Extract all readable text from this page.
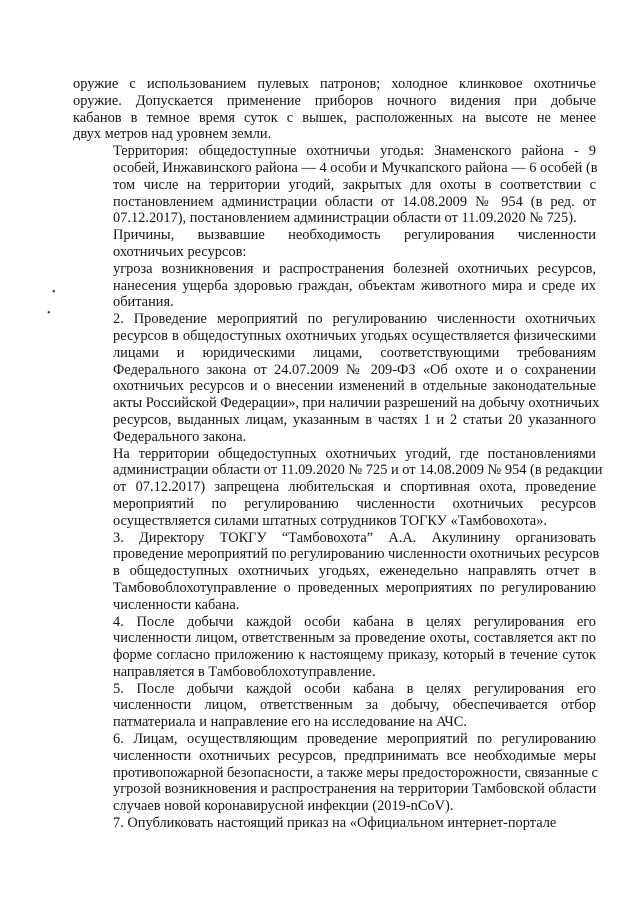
•
•

оружие с использованием пулевых патронов; холодное клинковое охотничье
оружие. Допускается применение приборов ночного видения при добыче
кабанов в темное время суток с вышек, расположенных на высоте не менее
двух метров над уровнем земли.

Территория: общедоступные охотничьи угодья: Знаменского района - 9
особей, Инжавинского района — 4 особи и Мучкапского района — 6 особей (в
том числе на территории угодий, закрытых для охоты в соответствии с
постановлением администрации области от 14.08.2009 № 954 (в ред. от
07.12.2017), постановлением администрации области от 11.09.2020 № 725).

Причины, вызвавшие необходимость регулирования численности
охотничьих ресурсов:

угроза возникновения и распространения болезней охотничьих ресурсов,
нанесения ущерба здоровью граждан, объектам животного мира и среде их
обитания.

2. Проведение мероприятий по регулированию численности охотничьих
ресурсов в общедоступных охотничьих угодьях осуществляется физическими
лицами и юридическими лицами, соответствующими требованиям
Федерального закона от 24.07.2009 № 209-ФЗ «Об охоте и о сохранении
охотничьих ресурсов и о внесении изменений в отдельные законодательные
акты Российской Федерации», при наличии разрешений на добычу охотничьих
ресурсов, выданных лицам, указанным в частях 1 и 2 статьи 20 указанного
Федерального закона.

На территории общедоступных охотничьих угодий, где постановлениями
администрации области от 11.09.2020 № 725 и от 14.08.2009 № 954 (в редакции
от 07.12.2017) запрещена любительская и спортивная охота, проведение
мероприятий по регулированию численности охотничьих ресурсов
осуществляется силами штатных сотрудников ТОГКУ «Тамбовохота».

3. Директору ТОКГУ “Тамбовохота” А.А. Акулинину организовать
проведение мероприятий по регулированию численности охотничьих ресурсов
в общедоступных охотничьих угодьях, еженедельно направлять отчет в
Тамбовоблохотуправление о проведенных мероприятиях по регулированию
численности кабана.

4. После добычи каждой особи кабана в целях регулирования его
численности лицом, ответственным за проведение охоты, составляется акт по
форме согласно приложению к настоящему приказу, который в течение суток
направляется в Тамбовоблохотуправление.

5. После добычи каждой особи кабана в целях регулирования его
численности лицом, ответственным за добычу, обеспечивается отбор
патматериала и направление его на исследование на АЧС.

6. Лицам, осуществляющим проведение мероприятий по регулированию
численности охотничьих ресурсов, предпринимать все необходимые меры
противопожарной безопасности, а также меры предосторожности, связанные с
угрозой возникновения и распространения на территории Тамбовской области
случаев новой коронавирусной инфекции (2019-nCoV).

7. Опубликовать настоящий приказ на «Официальном интернет-портале
